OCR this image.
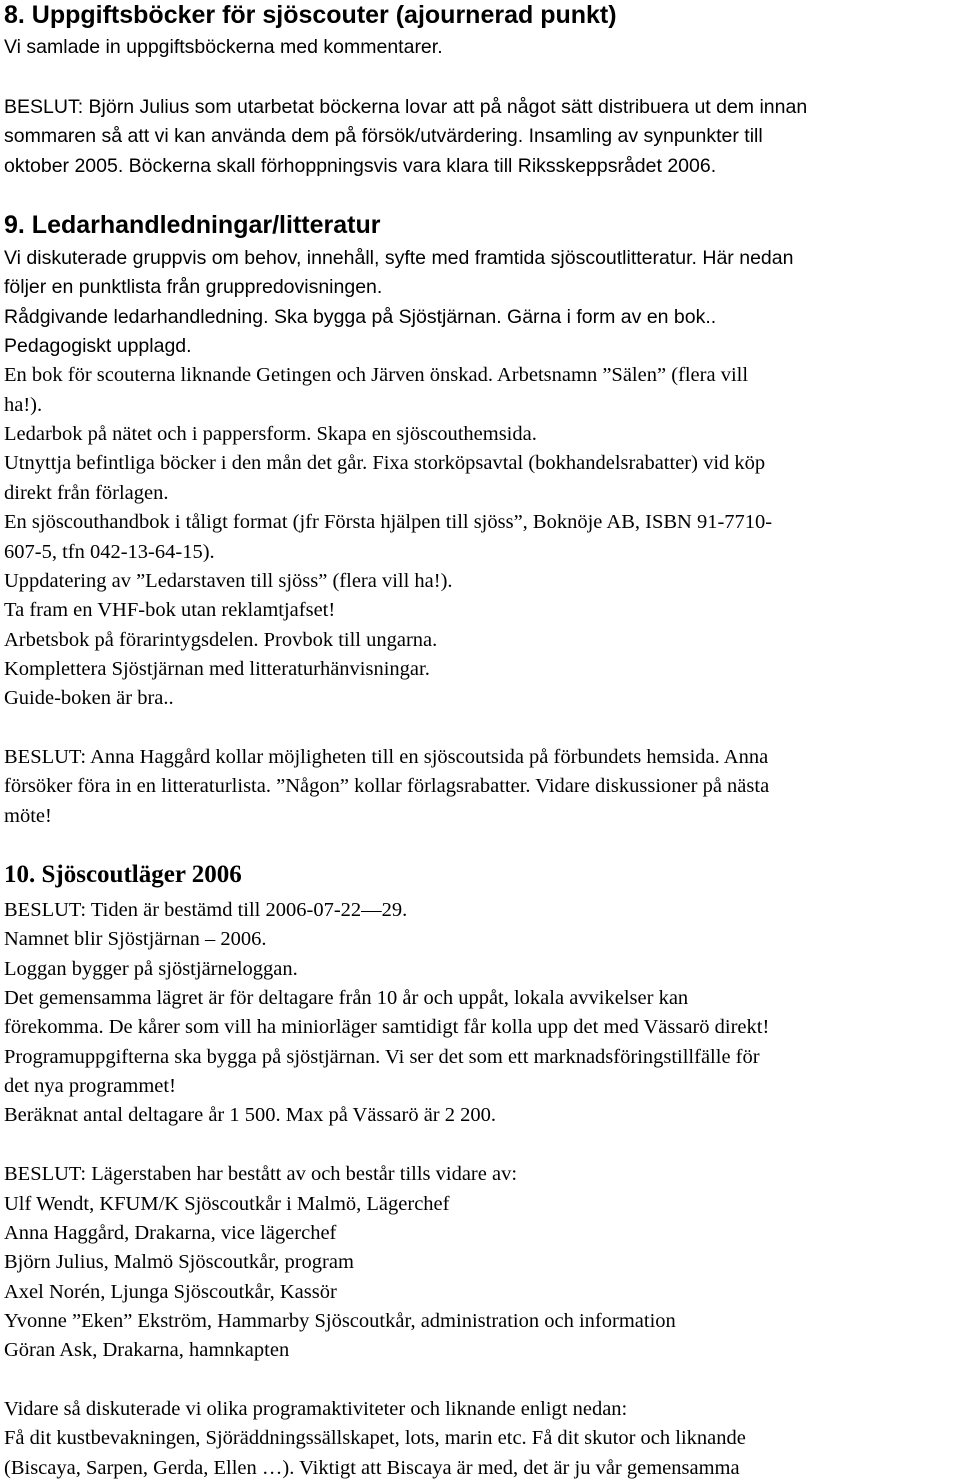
8. Uppgiftsböcker för sjöscouter (ajournerad punkt)
Vi samlade in uppgiftsböckerna med kommentarer.
BESLUT: Björn Julius som utarbetat böckerna lovar att på något sätt distribuera ut dem innan
sommaren så att vi kan använda dem på försök/utvärdering. Insamling av synpunkter till
oktober 2005. Böckerna skall förhoppningsvis vara klara till Riksskeppsrådet 2006.
9. Ledarhandledningar/litteratur
Vi diskuterade gruppvis om behov, innehåll, syfte med framtida sjöscoutlitteratur. Här nedan
följer en punktlista från gruppredovisningen.
Rådgivande ledarhandledning. Ska bygga på Sjöstjärnan. Gärna i form av en bok..
Pedagogiskt upplagd.
En bok för scouterna liknande Getingen och Järven önskad. Arbetsnamn ”Sälen” (flera vill
ha!).
Ledarbok på nätet och i pappersform. Skapa en sjöscouthemsida.
Utnyttja befintliga böcker i den mån det går. Fixa storköpsavtal (bokhandelsrabatter) vid köp
direkt från förlagen.
En sjöscouthandbok i tåligt format (jfr Första hjälpen till sjöss”, Boknöje AB, ISBN 91-7710-
607-5, tfn 042-13-64-15).
Uppdatering av ”Ledarstaven till sjöss” (flera vill ha!).
Ta fram en VHF-bok utan reklamtjafset!
Arbetsbok på förarintygsdelen. Provbok till ungarna.
Komplettera Sjöstjärnan med litteraturhänvisningar.
Guide-boken är bra..
BESLUT: Anna Haggård kollar möjligheten till en sjöscoutsida på förbundets hemsida. Anna
försöker föra in en litteraturlista. ”Någon” kollar förlagsrabatter. Vidare diskussioner på nästa
möte!
10. Sjöscoutläger 2006
BESLUT: Tiden är bestämd till 2006-07-22—29.
Namnet blir Sjöstjärnan – 2006.
Loggan bygger på sjöstjärneloggan.
Det gemensamma lägret är för deltagare från 10 år och uppåt, lokala avvikelser kan
förekomma. De kårer som vill ha miniorläger samtidigt får kolla upp det med Vässarö direkt!
Programuppgifterna ska bygga på sjöstjärnan. Vi ser det som ett marknadsföringstillfälle för
det nya programmet!
Beräknat antal deltagare år 1 500. Max på Vässarö är 2 200.
BESLUT: Lägerstaben har bestått av och består tills vidare av:
Ulf Wendt, KFUM/K Sjöscoutkår i Malmö, Lägerchef
Anna Haggård, Drakarna, vice lägerchef
Björn Julius, Malmö Sjöscoutkår, program
Axel Norén, Ljunga Sjöscoutkår, Kassör
Yvonne ”Eken” Ekström, Hammarby Sjöscoutkår, administration och information
Göran Ask, Drakarna, hamnkapten
Vidare så diskuterade vi olika programaktiviteter och liknande enligt nedan:
Få dit kustbevakningen, Sjöräddningssällskapet, lots, marin etc. Få dit skutor och liknande
(Biscaya, Sarpen, Gerda, Ellen …). Viktigt att Biscaya är med, det är ju vår gemensamma
